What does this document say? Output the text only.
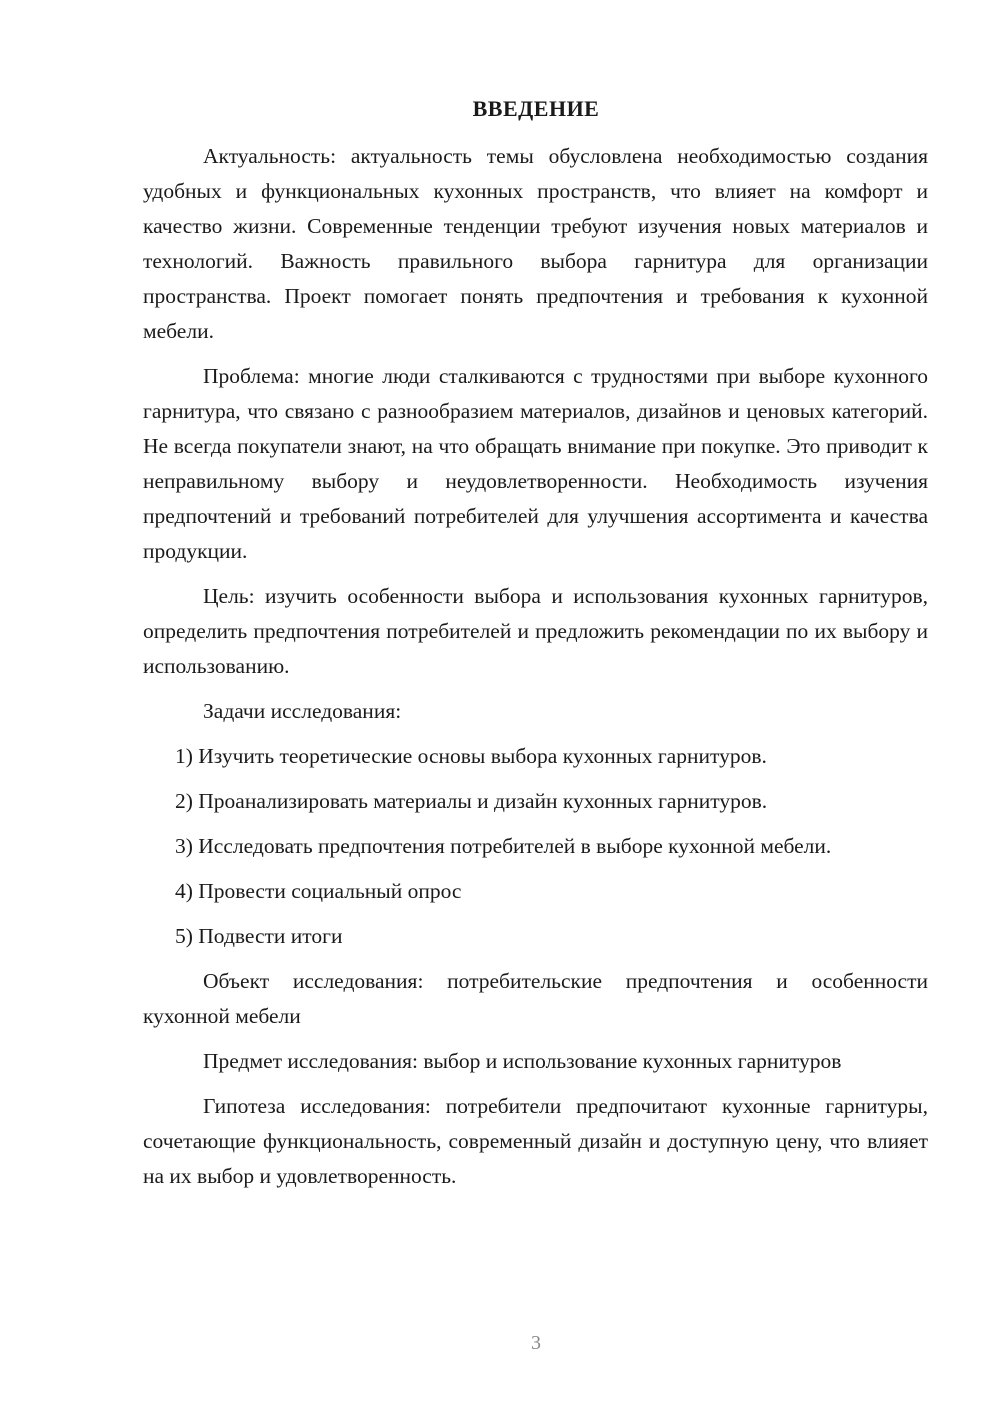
ВВЕДЕНИЕ

Актуальность: актуальность темы обусловлена необходимостью создания удобных и функциональных кухонных пространств, что влияет на комфорт и качество жизни. Современные тенденции требуют изучения новых материалов и технологий. Важность правильного выбора гарнитура для организации пространства. Проект помогает понять предпочтения и требования к кухонной мебели.

Проблема: многие люди сталкиваются с трудностями при выборе кухонного гарнитура, что связано с разнообразием материалов, дизайнов и ценовых категорий. Не всегда покупатели знают, на что обращать внимание при покупке. Это приводит к неправильному выбору и неудовлетворенности. Необходимость изучения предпочтений и требований потребителей для улучшения ассортимента и качества продукции.

Цель: изучить особенности выбора и использования кухонных гарнитуров, определить предпочтения потребителей и предложить рекомендации по их выбору и использованию.

Задачи исследования:

1) Изучить теоретические основы выбора кухонных гарнитуров.

2) Проанализировать материалы и дизайн кухонных гарнитуров.

3) Исследовать предпочтения потребителей в выборе кухонной мебели.

4) Провести социальный опрос

5) Подвести итоги

Объект исследования: потребительские предпочтения и особенности кухонной мебели

Предмет исследования: выбор и использование кухонных гарнитуров

Гипотеза исследования: потребители предпочитают кухонные гарнитуры, сочетающие функциональность, современный дизайн и доступную цену, что влияет на их выбор и удовлетворенность.

3
